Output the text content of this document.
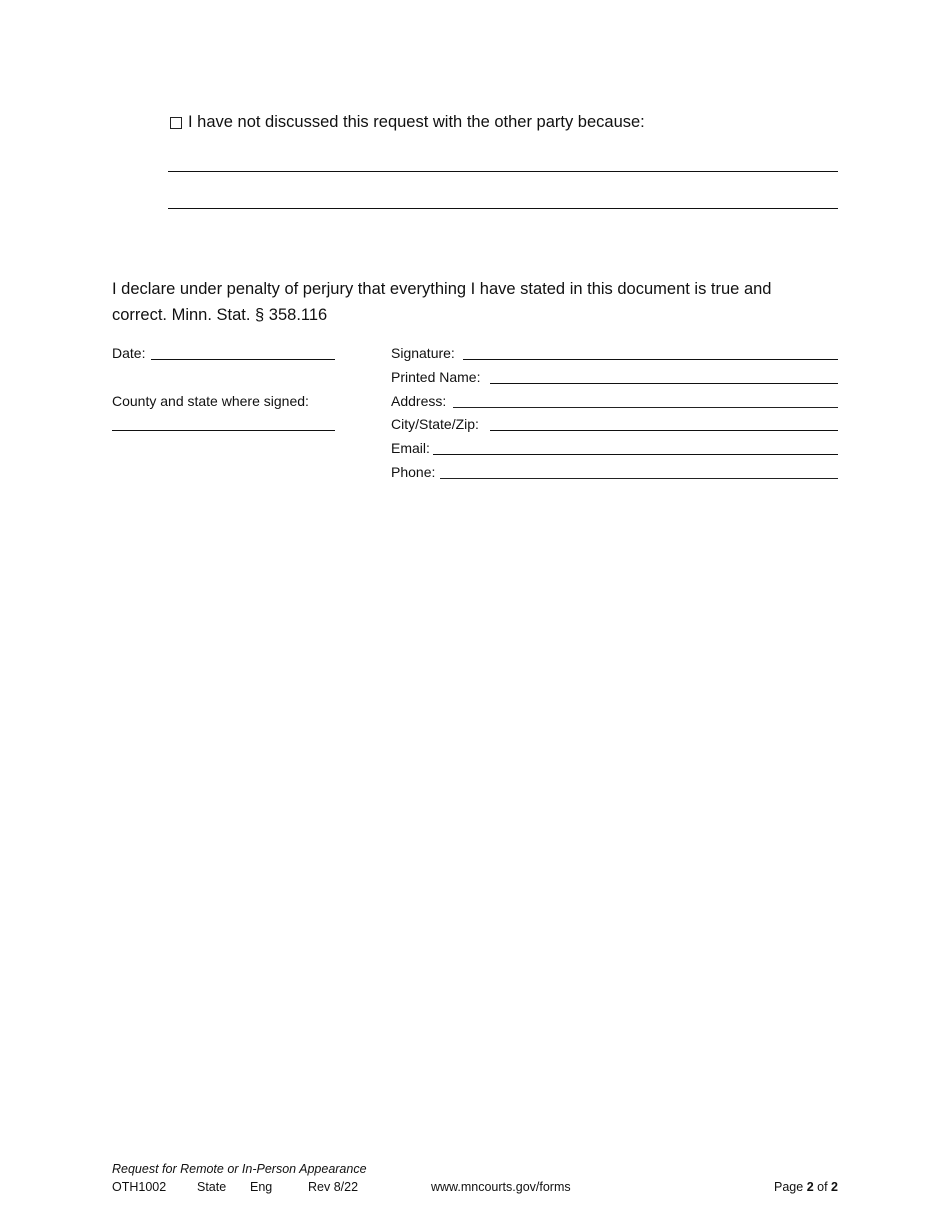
I have not discussed this request with the other party because:
I declare under penalty of perjury that everything I have stated in this document is true and
correct. Minn. Stat. § 358.116
Date:
County and state where signed:
Signature:
Printed Name:
Address:
City/State/Zip:
Email:
Phone:
Request for Remote or In-Person Appearance
OTH1002 State Eng	Rev 8/22	www.mncourts.gov/forms	Page 2 of 2
